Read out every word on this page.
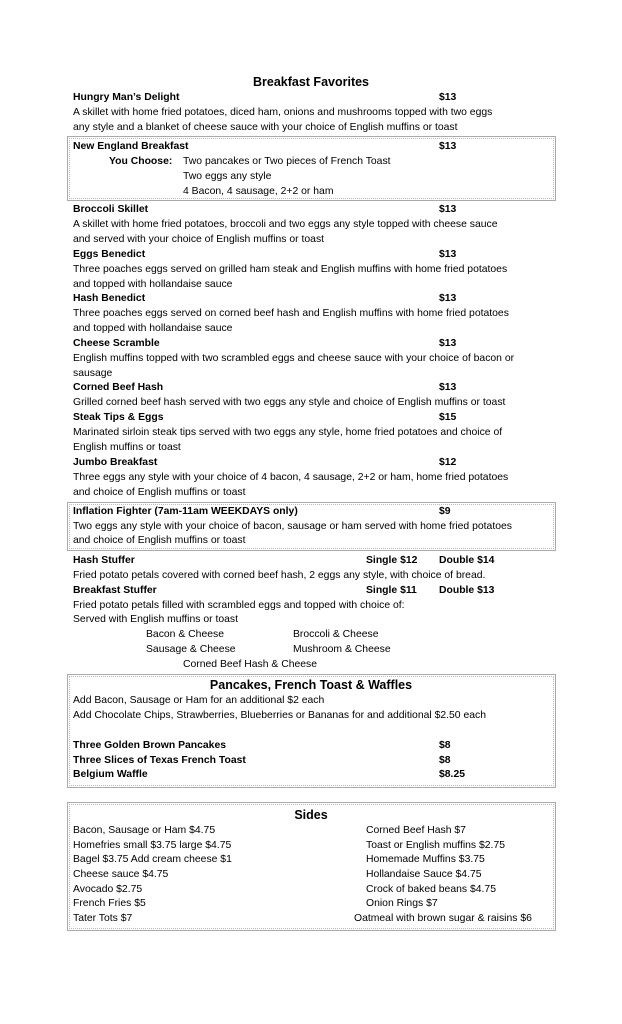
Breakfast Favorites
Hungry Man’s Delight	$13
A skillet with home fried potatoes, diced ham, onions and mushrooms topped with two eggs
any style and a blanket of cheese sauce with your choice of English muffins or toast
New England Breakfast	$13
You Choose: Two pancakes or Two pieces of French Toast
Two eggs any style
4 Bacon, 4 sausage, 2+2 or ham
Broccoli Skillet	$13
A skillet with home fried potatoes, broccoli and two eggs any style topped with cheese sauce
and served with your choice of English muffins or toast
Eggs Benedict	$13
Three poaches eggs served on grilled ham steak and English muffins with home fried potatoes
and topped with hollandaise sauce
Hash Benedict	$13
Three poaches eggs served on corned beef hash and English muffins with home fried potatoes
and topped with hollandaise sauce
Cheese Scramble	$13
English muffins topped with two scrambled eggs and cheese sauce with your choice of bacon or
sausage
Corned Beef Hash	$13
Grilled corned beef hash served with two eggs any style and choice of English muffins or toast
Steak Tips & Eggs	$15
Marinated sirloin steak tips served with two eggs any style, home fried potatoes and choice of
English muffins or toast
Jumbo Breakfast	$12
Three eggs any style with your choice of 4 bacon, 4 sausage, 2+2 or ham, home fried potatoes
and choice of English muffins or toast
Inflation Fighter (7am-11am WEEKDAYS only)	$9
Two eggs any style with your choice of bacon, sausage or ham served with home fried potatoes
and choice of English muffins or toast
Hash Stuffer	Single $12 Double $14
Fried potato petals covered with corned beef hash, 2 eggs any style, with choice of bread.
Breakfast Stuffer	Single $11 Double $13
Fried potato petals filled with scrambled eggs and topped with choice of:
Served with English muffins or toast
Bacon & Cheese	Broccoli & Cheese
Sausage & Cheese	Mushroom & Cheese
Corned Beef Hash & Cheese
Pancakes, French Toast & Waffles
Add Bacon, Sausage or Ham for an additional $2 each
Add Chocolate Chips, Strawberries, Blueberries or Bananas for and additional $2.50 each
Three Golden Brown Pancakes	$8
Three Slices of Texas French Toast	$8
Belgium Waffle	$8.25
Sides
Bacon, Sausage or Ham $4.75
Homefries small $3.75 large $4.75
Bagel $3.75 Add cream cheese $1
Cheese sauce $4.75
Avocado $2.75
French Fries $5
Tater Tots $7
Corned Beef Hash $7
Toast or English muffins $2.75
Homemade Muffins $3.75
Hollandaise Sauce $4.75
Crock of baked beans $4.75
Onion Rings $7
Oatmeal with brown sugar & raisins $6
